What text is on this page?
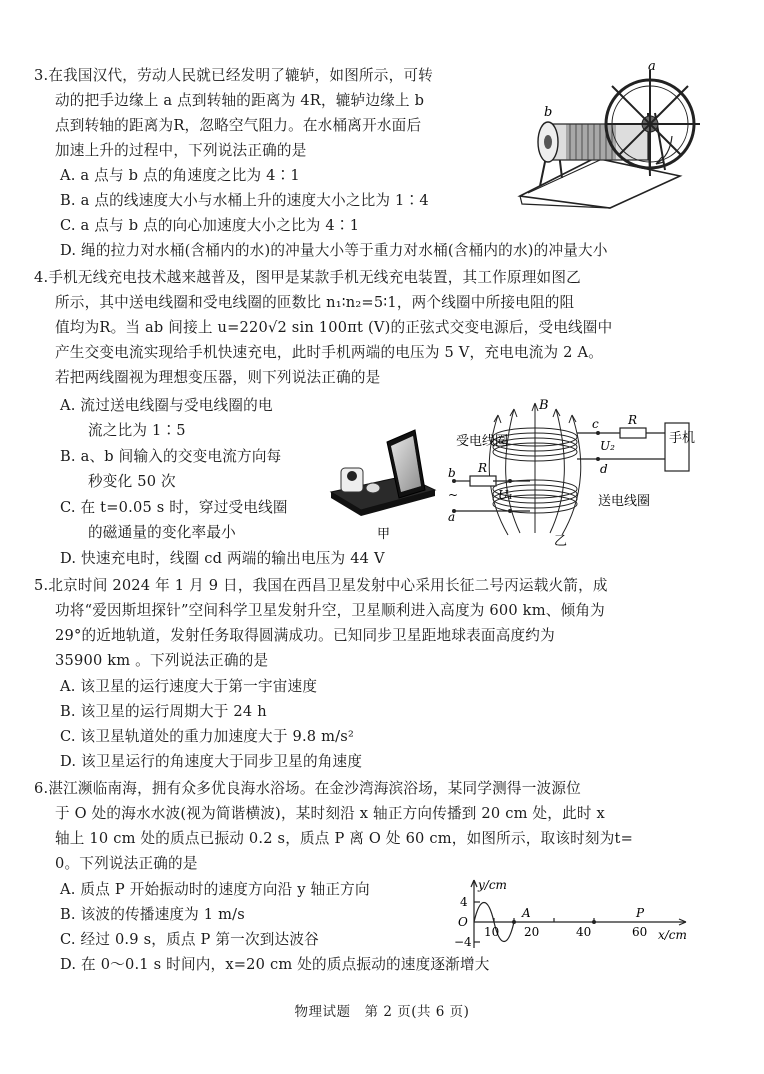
3.在我国汉代，劳动人民就已经发明了辘轳，如图所示，可转
动的把手边缘上 a 点到转轴的距离为 4R，辘轳边缘上 b
点到转轴的距离为R，忽略空气阻力。在水桶离开水面后
加速上升的过程中，下列说法正确的是
A. a 点与 b 点的角速度之比为 4∶1
B. a 点的线速度大小与水桶上升的速度大小之比为 1∶4
C. a 点与 b 点的向心加速度大小之比为 4∶1
D. 绳的拉力对水桶(含桶内的水)的冲量大小等于重力对水桶(含桶内的水)的冲量大小
a
b
4.手机无线充电技术越来越普及，图甲是某款手机无线充电装置，其工作原理如图乙
所示，其中送电线圈和受电线圈的匝数比 n₁∶n₂=5∶1，两个线圈中所接电阻的阻
值均为R。当 ab 间接上 u=220√2 sin 100πt (V)的正弦式交变电源后，受电线圈中
产生交变电流实现给手机快速充电，此时手机两端的电压为 5 V，充电电流为 2 A。
若把两线圈视为理想变压器，则下列说法正确的是
A. 流过送电线圈与受电线圈的电
流之比为 1∶5
B. a、b 间输入的交变电流方向每
秒变化 50 次
C. 在 t=0.05 s 时，穿过受电线圈
的磁通量的变化率最小
D. 快速充电时，线圈 cd 两端的输出电压为 44 V
甲
B
受电线圈
送电线圈
c
d
U₂
R
手机
R
U₁
b
~
a
乙
5.北京时间 2024 年 1 月 9 日，我国在西昌卫星发射中心采用长征二号丙运载火箭，成
功将“爱因斯坦探针”空间科学卫星发射升空，卫星顺利进入高度为 600 km、倾角为
29°的近地轨道，发射任务取得圆满成功。已知同步卫星距地球表面高度约为
35900 km 。下列说法正确的是
A. 该卫星的运行速度大于第一宇宙速度
B. 该卫星的运行周期大于 24 h
C. 该卫星轨道处的重力加速度大于 9.8 m/s²
D. 该卫星运行的角速度大于同步卫星的角速度
6.湛江濒临南海，拥有众多优良海水浴场。在金沙湾海滨浴场，某同学测得一波源位
于 O 处的海水水波(视为简谐横波)，某时刻沿 x 轴正方向传播到 20 cm 处，此时 x
轴上 10 cm 处的质点已振动 0.2 s，质点 P 离 O 处 60 cm，如图所示，取该时刻为t=
0。下列说法正确的是
A. 质点 P 开始振动时的速度方向沿 y 轴正方向
B. 该波的传播速度为 1 m/s
C. 经过 0.9 s，质点 P 第一次到达波谷
D. 在 0～0.1 s 时间内，x=20 cm 处的质点振动的速度逐渐增大
y/cm
x/cm
O
4
−4
10 20	40	60
A	P
物理试题　第 2 页(共 6 页)
